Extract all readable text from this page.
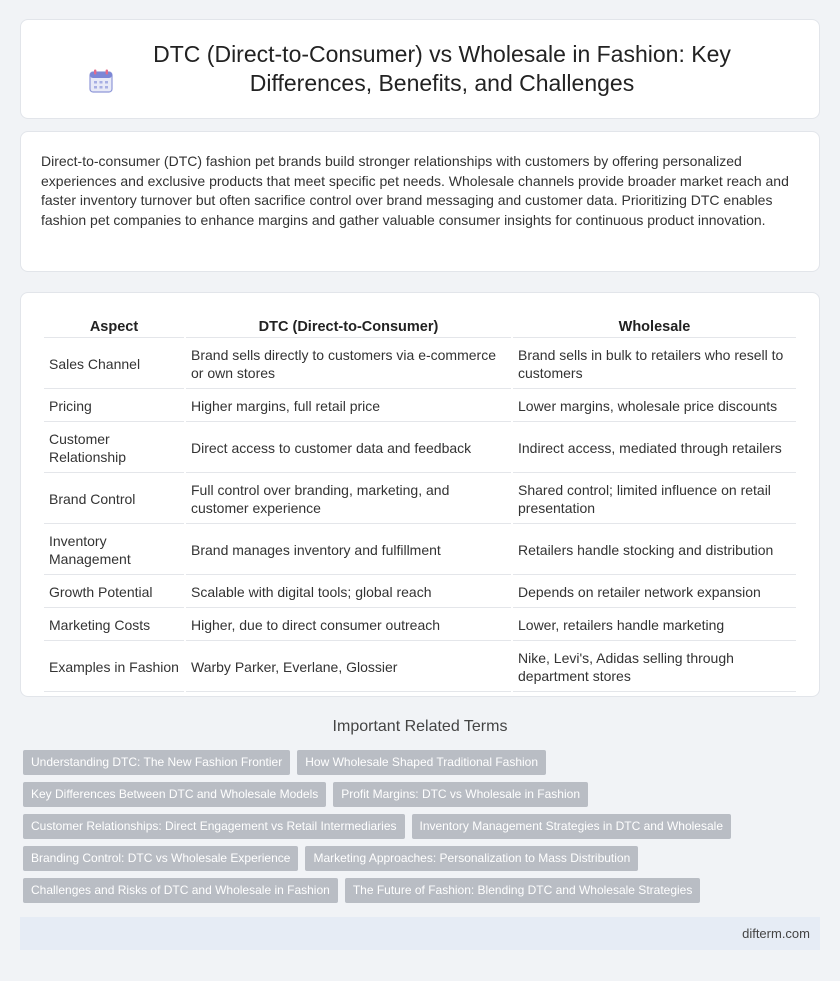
DTC (Direct-to-Consumer) vs Wholesale in Fashion: Key Differences, Benefits, and Challenges

Direct-to-consumer (DTC) fashion pet brands build stronger relationships with customers by offering personalized experiences and exclusive products that meet specific pet needs. Wholesale channels provide broader market reach and faster inventory turnover but often sacrifice control over brand messaging and customer data. Prioritizing DTC enables fashion pet companies to enhance margins and gather valuable consumer insights for continuous product innovation.

Aspect	DTC (Direct-to-Consumer)	Wholesale
Sales Channel	Brand sells directly to customers via e-commerce or own stores	Brand sells in bulk to retailers who resell to customers
Pricing	Higher margins, full retail price	Lower margins, wholesale price discounts
Customer Relationship	Direct access to customer data and feedback	Indirect access, mediated through retailers
Brand Control	Full control over branding, marketing, and customer experience	Shared control; limited influence on retail presentation
Inventory Management	Brand manages inventory and fulfillment	Retailers handle stocking and distribution
Growth Potential	Scalable with digital tools; global reach	Depends on retailer network expansion
Marketing Costs	Higher, due to direct consumer outreach	Lower, retailers handle marketing
Examples in Fashion	Warby Parker, Everlane, Glossier	Nike, Levi's, Adidas selling through department stores
Important Related Terms
Understanding DTC: The New Fashion Frontier	How Wholesale Shaped Traditional Fashion
Key Differences Between DTC and Wholesale Models	Profit Margins: DTC vs Wholesale in Fashion
Customer Relationships: Direct Engagement vs Retail Intermediaries	Inventory Management Strategies in DTC and Wholesale
Branding Control: DTC vs Wholesale Experience	Marketing Approaches: Personalization to Mass Distribution
Challenges and Risks of DTC and Wholesale in Fashion	The Future of Fashion: Blending DTC and Wholesale Strategies
difterm.com
